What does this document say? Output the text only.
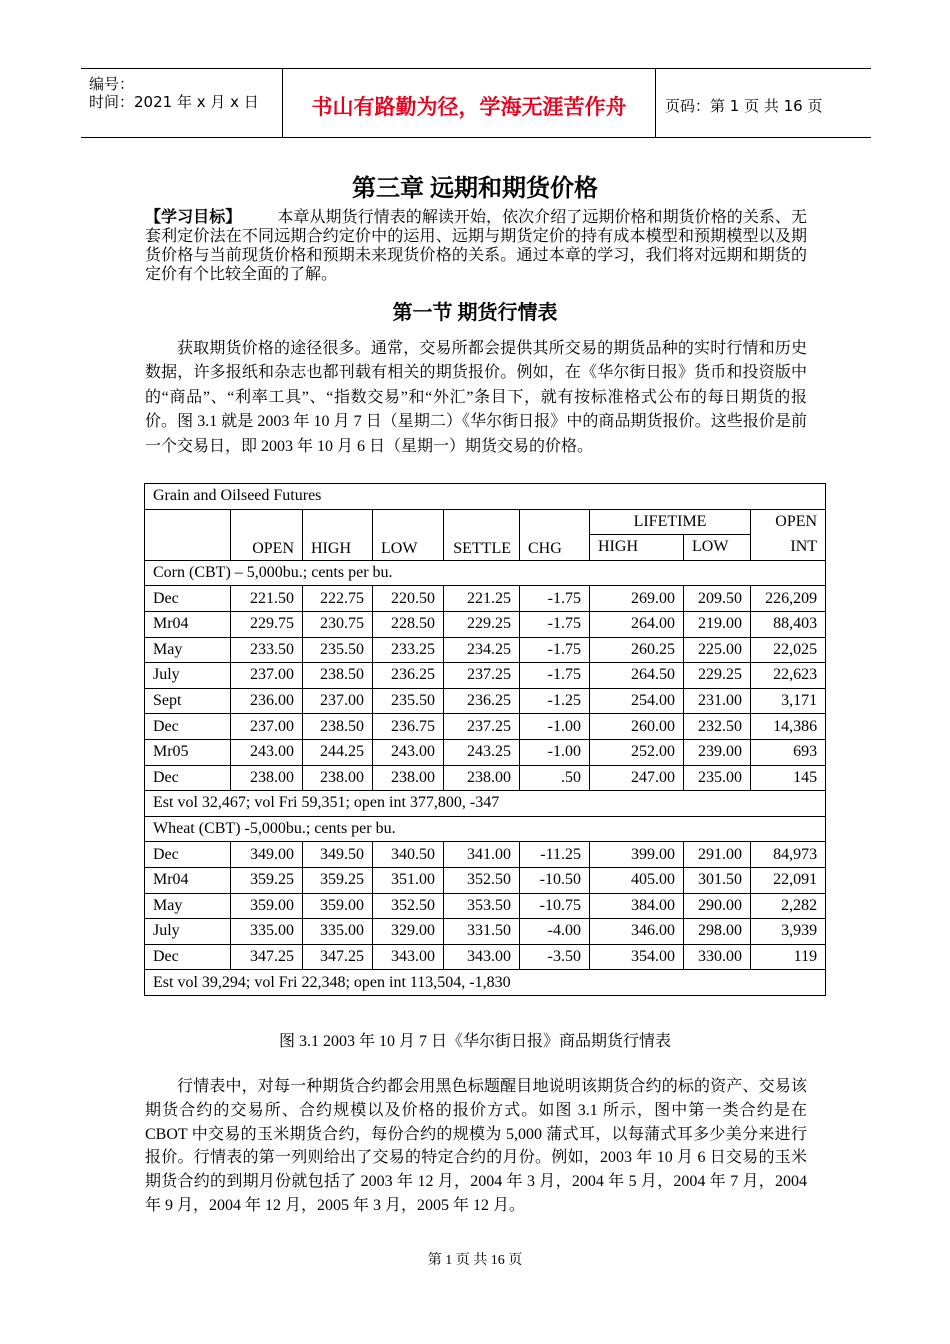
编号：
时间：2021 年 x 月 x 日	书山有路勤为径，学海无涯苦作舟	页码：第 1 页 共 16 页
第三章 远期和期货价格
【学习目标】 本章从期货行情表的解读开始，依次介绍了远期价格和期货价格的关系、无套利定价法在不同远期合约定价中的运用、远期与期货定价的持有成本模型和预期模型以及期货价格与当前现货价格和预期未来现货价格的关系。通过本章的学习，我们将对远期和期货的定价有个比较全面的了解。
第一节 期货行情表
获取期货价格的途径很多。通常，交易所都会提供其所交易的期货品种的实时行情和历史数据，许多报纸和杂志也都刊载有相关的期货报价。例如，在《华尔街日报》货币和投资版中的“商品”、“利率工具”、“指数交易”和“外汇”条目下，就有按标准格式公布的每日期货的报价。图 3.1 就是 2003 年 10 月 7 日（星期二）《华尔街日报》中的商品期货报价。这些报价是前一个交易日，即 2003 年 10 月 6 日（星期一）期货交易的价格。
Grain and Oilseed Futures								
	OPEN	HIGH	LOW	SETTLE	CHG	LIFETIME		OPEN
						HIGH	LOW	INT
Corn (CBT) – 5,000bu.; cents per bu.								
Dec	221.50	222.75	220.50	221.25	-1.75	269.00	209.50	226,209
Mr04	229.75	230.75	228.50	229.25	-1.75	264.00	219.00	88,403
May	233.50	235.50	233.25	234.25	-1.75	260.25	225.00	22,025
July	237.00	238.50	236.25	237.25	-1.75	264.50	229.25	22,623
Sept	236.00	237.00	235.50	236.25	-1.25	254.00	231.00	3,171
Dec	237.00	238.50	236.75	237.25	-1.00	260.00	232.50	14,386
Mr05	243.00	244.25	243.00	243.25	-1.00	252.00	239.00	693
Dec	238.00	238.00	238.00	238.00	.50	247.00	235.00	145
Est vol 32,467; vol Fri 59,351; open int 377,800, -347								
Wheat (CBT) -5,000bu.; cents per bu.								
Dec	349.00	349.50	340.50	341.00	-11.25	399.00	291.00	84,973
Mr04	359.25	359.25	351.00	352.50	-10.50	405.00	301.50	22,091
May	359.00	359.00	352.50	353.50	-10.75	384.00	290.00	2,282
July	335.00	335.00	329.00	331.50	-4.00	346.00	298.00	3,939
Dec	347.25	347.25	343.00	343.00	-3.50	354.00	330.00	119
Est vol 39,294; vol Fri 22,348; open int 113,504, -1,830								
图 3.1 2003 年 10 月 7 日《华尔街日报》商品期货行情表
行情表中，对每一种期货合约都会用黑色标题醒目地说明该期货合约的标的资产、交易该期货合约的交易所、合约规模以及价格的报价方式。如图 3.1 所示，图中第一类合约是在 CBOT 中交易的玉米期货合约，每份合约的规模为 5,000 蒲式耳，以每蒲式耳多少美分来进行报价。行情表的第一列则给出了交易的特定合约的月份。例如，2003 年 10 月 6 日交易的玉米期货合约的到期月份就包括了 2003 年 12 月，2004 年 3 月，2004 年 5 月，2004 年 7 月，2004 年 9 月，2004 年 12 月，2005 年 3 月，2005 年 12 月。
第 1 页 共 16 页
